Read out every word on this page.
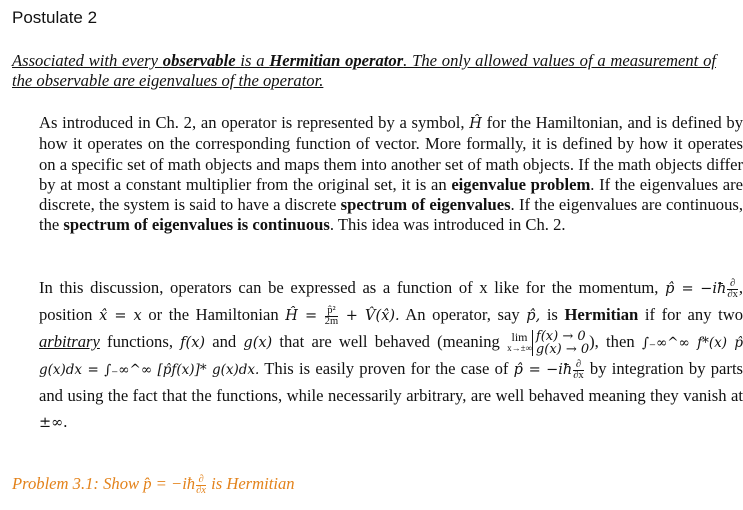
Postulate 2
Associated with every observable is a Hermitian operator. The only allowed values of a measurement of the observable are eigenvalues of the operator.
As introduced in Ch. 2, an operator is represented by a symbol, Ĥ for the Hamiltonian, and is defined by how it operates on the corresponding function of vector. More formally, it is defined by how it operates on a specific set of math objects and maps them into another set of math objects. If the math objects differ by at most a constant multiplier from the original set, it is an eigenvalue problem. If the eigenvalues are discrete, the system is said to have a discrete spectrum of eigenvalues. If the eigenvalues are continuous, the spectrum of eigenvalues is continuous. This idea was introduced in Ch. 2.
In this discussion, operators can be expressed as a function of x like for the momentum, p̂ = −iħ $\frac{\partial}{\partial x}$ , position x̂ = x or the Hamiltonian Ĥ = $\frac{\text{p̂²}}{2m}$ + V̂(x̂). An operator, say p̂, is Hermitian if for any two arbitrary functions, f(x) and g(x) that are well behaved (meaning lim
x→±∞
f(x) → 0
g(x) → 0 ), then ∫₋∞^∞ f*(x) p̂ g(x)dx = ∫₋∞^∞ [p̂f(x)]* g(x)dx. This is easily proven for the case of p̂ = −iħ $\frac{\partial}{\partial x}$ by integration by parts and using the fact that the functions, while necessarily arbitrary, are well behaved meaning they vanish at ±∞.
Problem 3.1: Show p̂ = −iħ $\frac{\partial}{\partial x}$ is Hermitian
